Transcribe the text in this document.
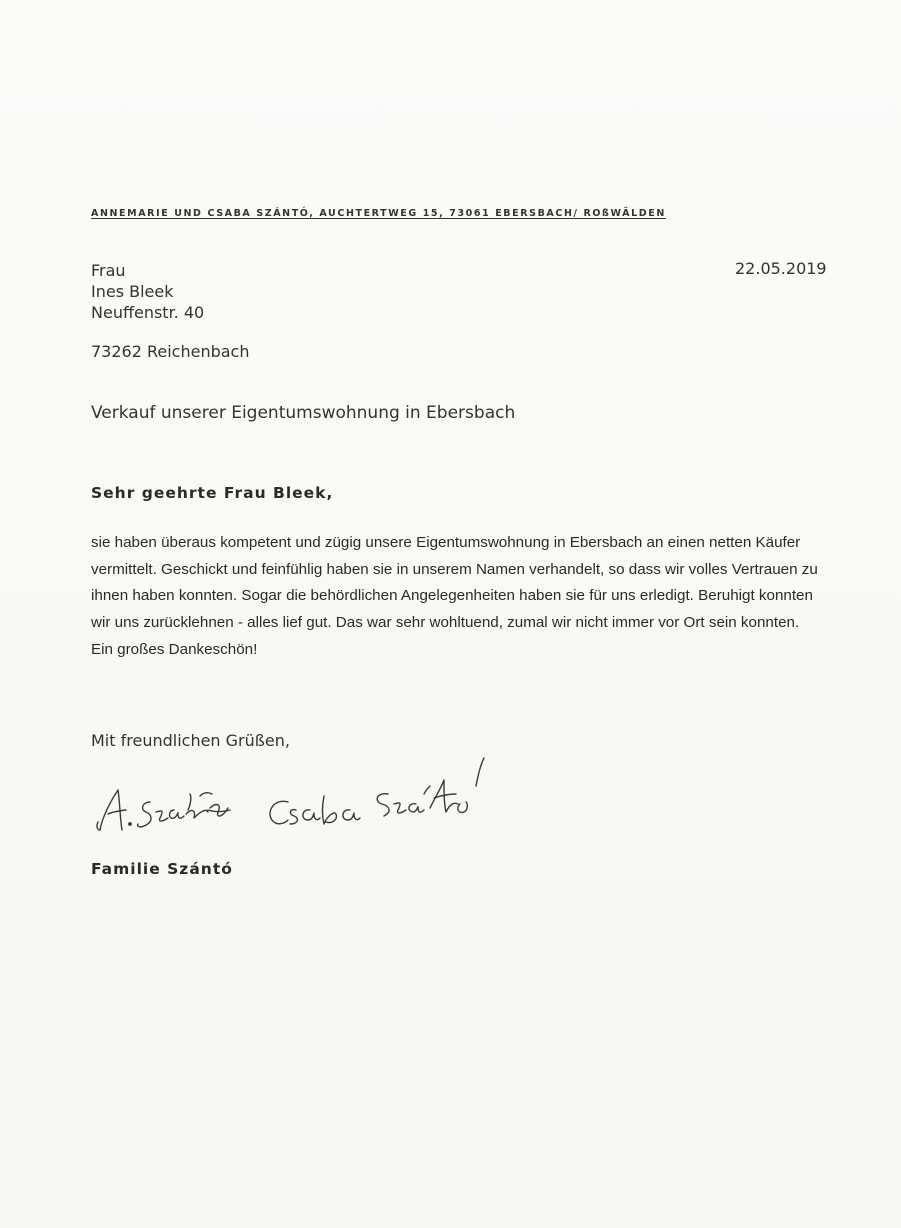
ANNEMARIE UND CSABA SZÁNTÓ, AUCHTERTWEG 15, 73061 EBERSBACH/ ROßWÄLDEN
22.05.2019
Frau
Ines Bleek
Neuffenstr. 40
73262 Reichenbach
Verkauf unserer Eigentumswohnung in Ebersbach
Sehr geehrte Frau Bleek,
sie haben überaus kompetent und zügig unsere Eigentumswohnung in Ebersbach an einen netten Käufer
vermittelt. Geschickt und feinfühlig haben sie in unserem Namen verhandelt, so dass wir volles Vertrauen zu
ihnen haben konnten. Sogar die behördlichen Angelegenheiten haben sie für uns erledigt. Beruhigt konnten
wir uns zurücklehnen - alles lief gut. Das war sehr wohltuend, zumal wir nicht immer vor Ort sein konnten.
Ein großes Dankeschön!
Mit freundlichen Grüßen,
Familie Szántó
